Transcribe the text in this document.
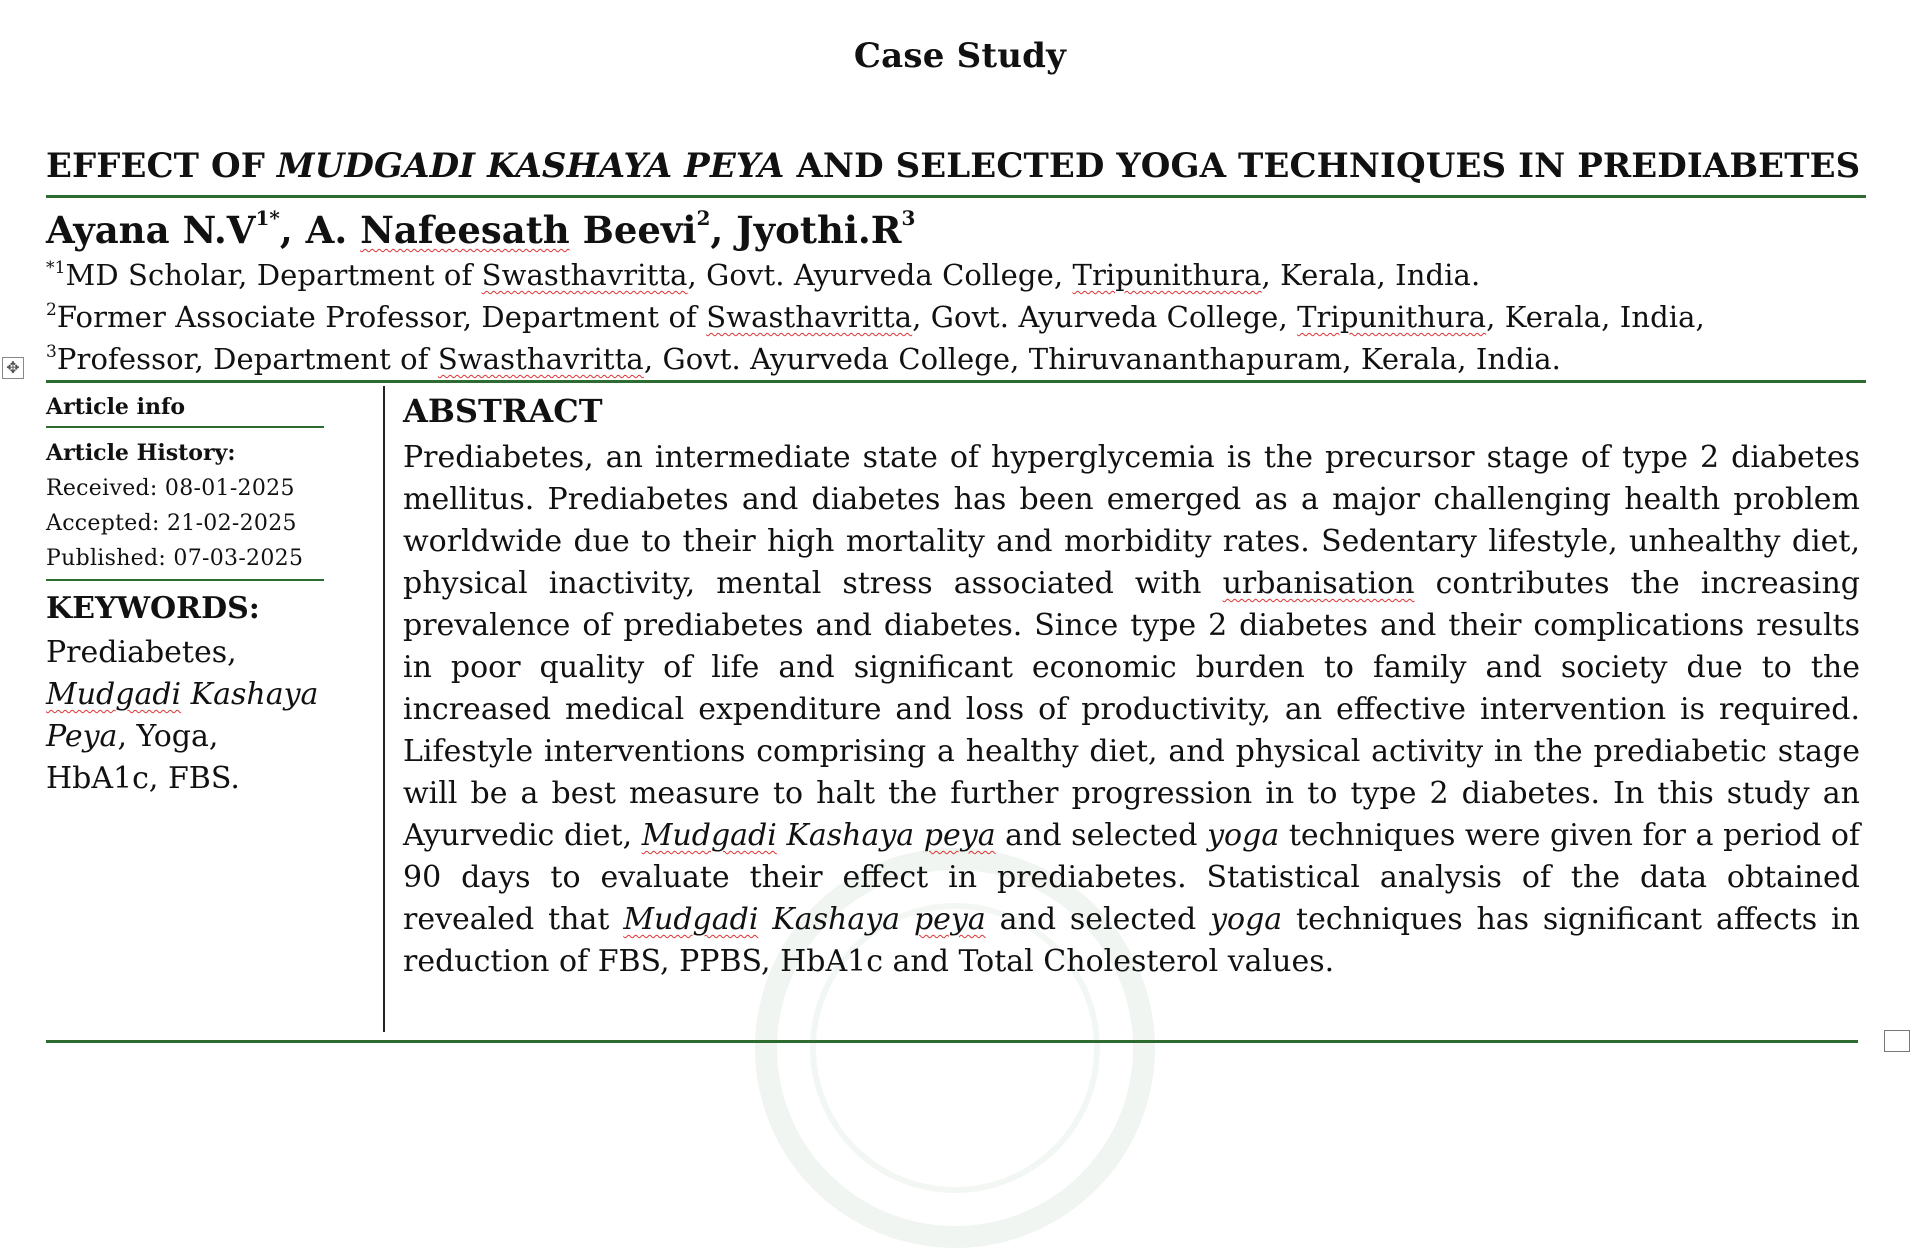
Case Study
EFFECT OF MUDGADI KASHAYA PEYA AND SELECTED YOGA TECHNIQUES IN PREDIABETES
Ayana $N.V^{1*}$, A. Nafeesath Beevi$^2$, $Jyothi.R^3$
$^{*1}$MD Scholar, Department of Swasthavritta, Govt. Ayurveda College, Tripunithura, Kerala, India.
$^2$Former Associate Professor, Department of Swasthavritta, Govt. Ayurveda College, Tripunithura, Kerala, India,
✥
$^3$Professor, Department of Swasthavritta, Govt. Ayurveda College, Thiruvananthapuram, Kerala, India.
Article info
Article History:
Received: 08-01-2025
Accepted: 21-02-2025
Published: 07-03-2025
KEYWORDS:
Prediabetes,
Mudgadi Kashaya
Peya, Yoga,
HbA1c, FBS.
ABSTRACT
Prediabetes, an intermediate state of hyperglycemia is the precursor stage of type 2 diabetes mellitus. Prediabetes and diabetes has been emerged as a major challenging health problem worldwide due to their high mortality and morbidity rates. Sedentary lifestyle, unhealthy diet, physical inactivity, mental stress associated with urbanisation contributes the increasing prevalence of prediabetes and diabetes. Since type 2 diabetes and their complications results in poor quality of life and significant economic burden to family and society due to the increased medical expenditure and loss of productivity, an effective intervention is required. Lifestyle interventions comprising a healthy diet, and physical activity in the prediabetic stage will be a best measure to halt the further progression in to type 2 diabetes. In this study an Ayurvedic diet, Mudgadi Kashaya peya and selected yoga techniques were given for a period of 90 days to evaluate their effect in prediabetes. Statistical analysis of the data obtained revealed that Mudgadi Kashaya peya and selected yoga techniques has significant affects in reduction of FBS, PPBS, HbA1c and Total Cholesterol values.
